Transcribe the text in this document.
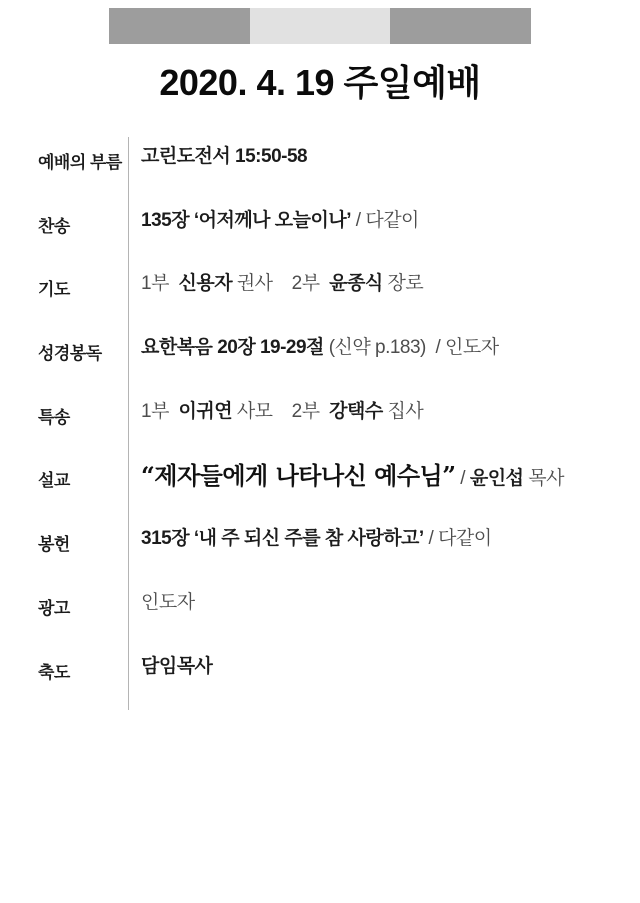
2020. 4. 19 주일예배
예배의 부름	고린도전서 15:50-58
찬송	135장 ‘어저께나 오늘이나’ / 다같이
기도	1부  신용자 권사    2부  윤종식 장로
성경봉독	요한복음 20장 19-29절 (신약 p.183)  / 인도자
특송	1부  이귀연 사모    2부  강택수 집사
설교	“제자들에게 나타나신 예수님” / 윤인섭 목사
봉헌	315장 ‘내 주 되신 주를 참 사랑하고’ / 다같이
광고	인도자
축도	담임목사
